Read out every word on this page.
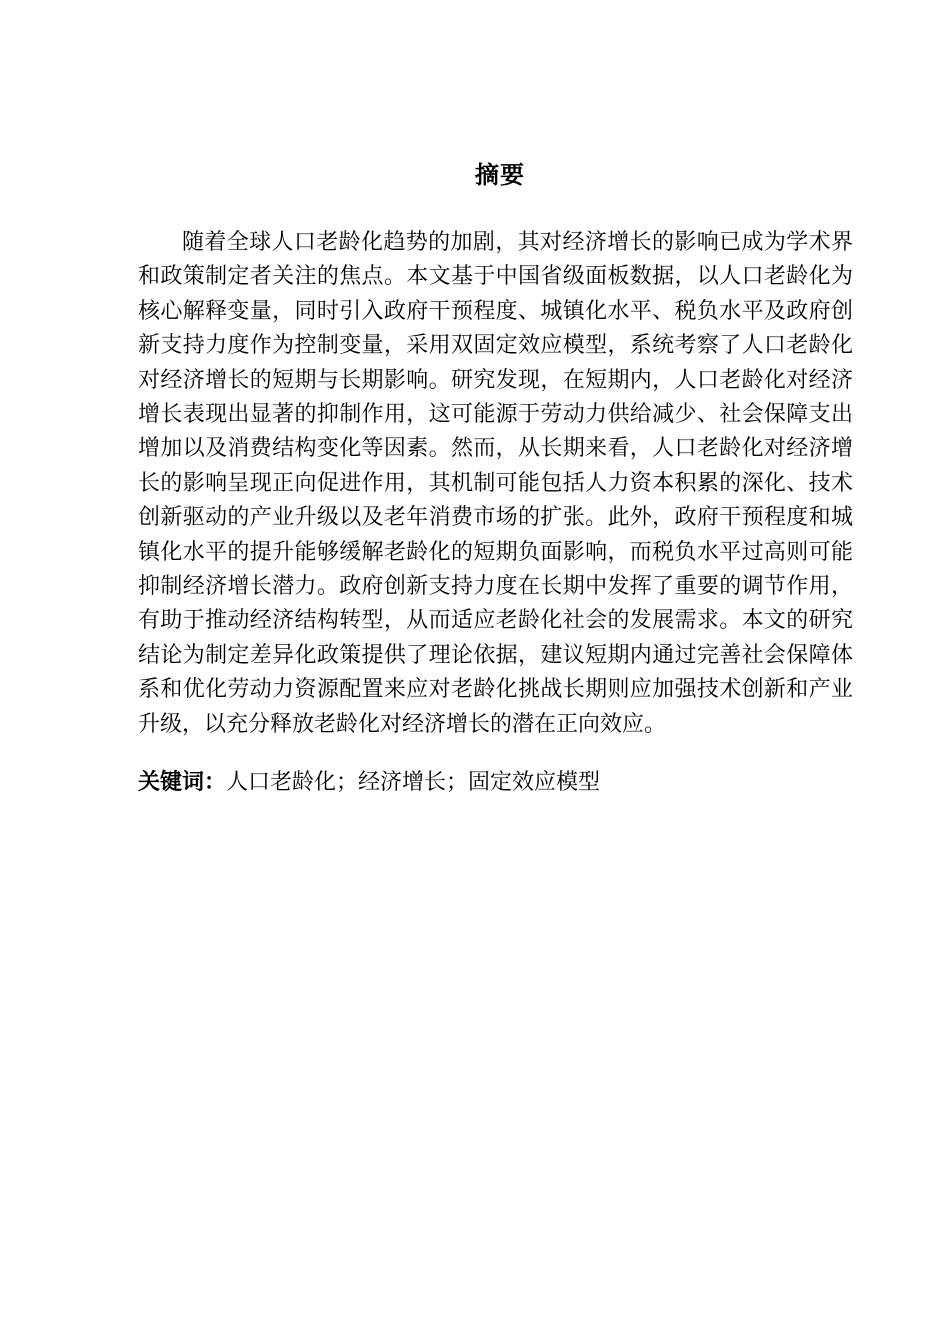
摘要

随着全球人口老龄化趋势的加剧，其对经济增长的影响已成为学术界和政策制定者关注的焦点。本文基于中国省级面板数据，以人口老龄化为核心解释变量，同时引入政府干预程度、城镇化水平、税负水平及政府创新支持力度作为控制变量，采用双固定效应模型，系统考察了人口老龄化对经济增长的短期与长期影响。研究发现，在短期内，人口老龄化对经济增长表现出显著的抑制作用，这可能源于劳动力供给减少、社会保障支出增加以及消费结构变化等因素。然而，从长期来看，人口老龄化对经济增长的影响呈现正向促进作用，其机制可能包括人力资本积累的深化、技术创新驱动的产业升级以及老年消费市场的扩张。此外，政府干预程度和城镇化水平的提升能够缓解老龄化的短期负面影响，而税负水平过高则可能抑制经济增长潜力。政府创新支持力度在长期中发挥了重要的调节作用，有助于推动经济结构转型，从而适应老龄化社会的发展需求。本文的研究结论为制定差异化政策提供了理论依据，建议短期内通过完善社会保障体系和优化劳动力资源配置来应对老龄化挑战长期则应加强技术创新和产业升级，以充分释放老龄化对经济增长的潜在正向效应。

关键词：人口老龄化；经济增长；固定效应模型
